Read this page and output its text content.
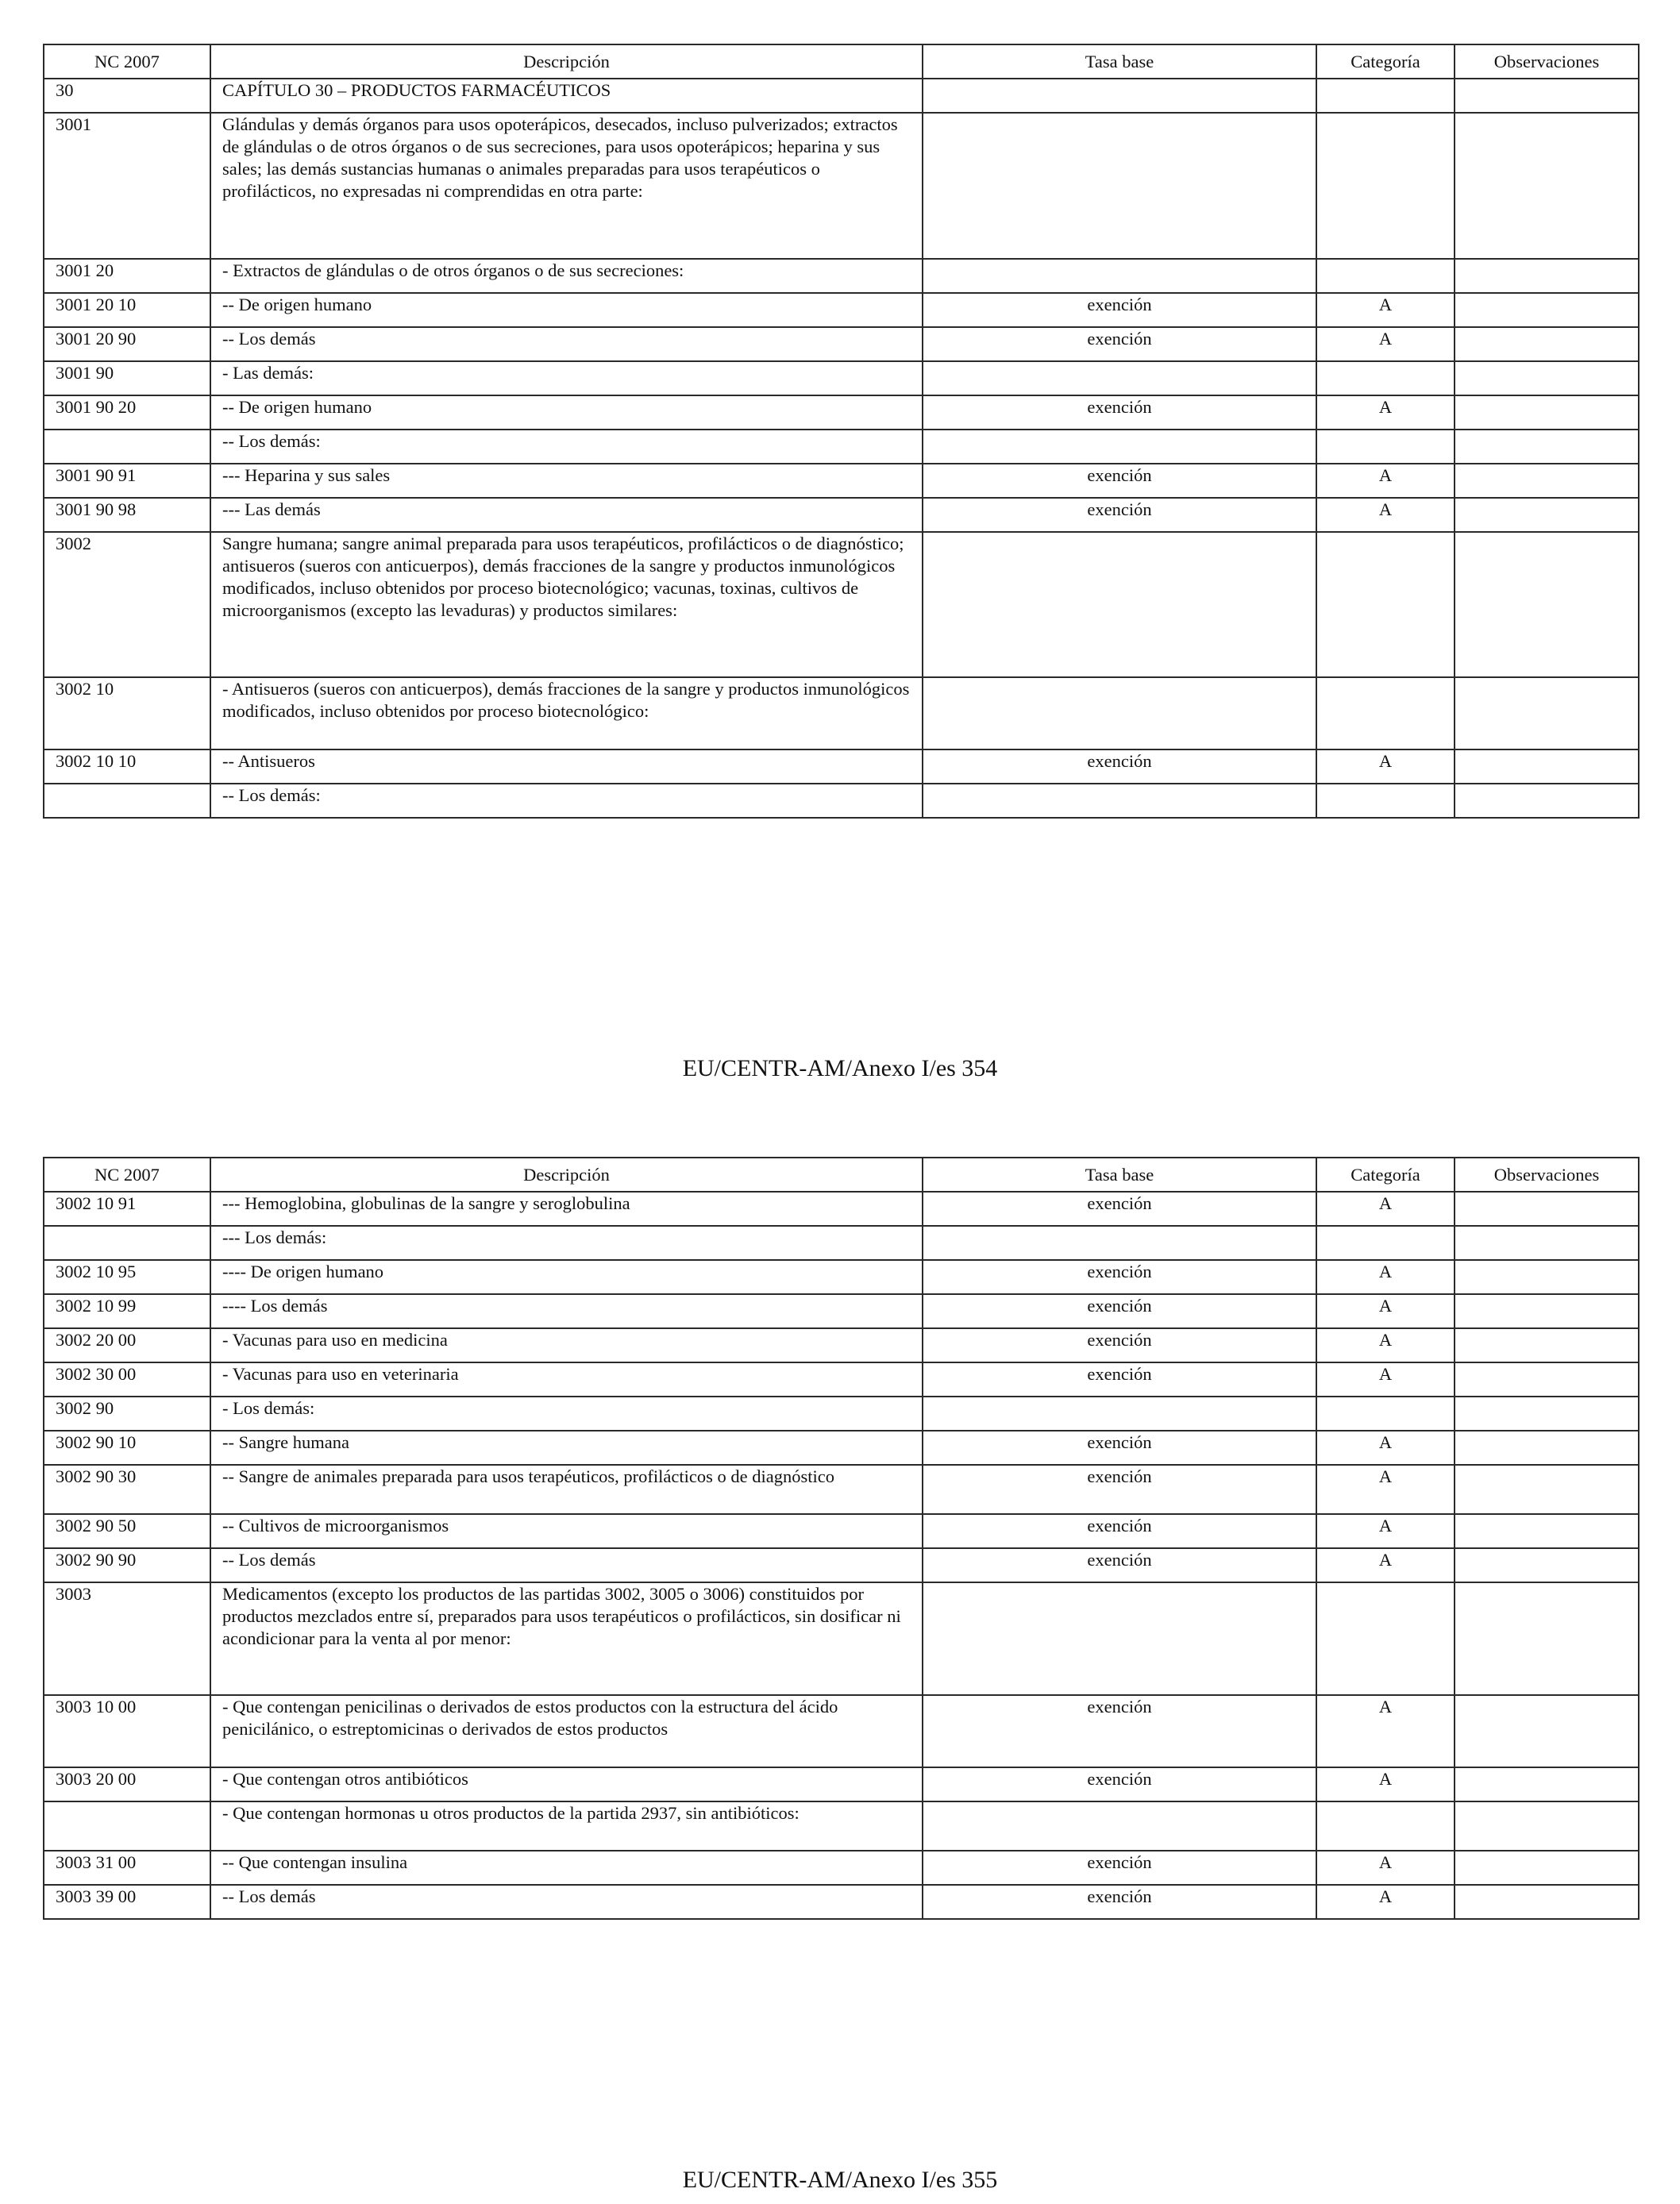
NC 2007	Descripción	Tasa base	Categoría	Observaciones
30	CAPÍTULO 30 – PRODUCTOS FARMACÉUTICOS			
3001	Glándulas y demás órganos para usos opoterápicos, desecados, incluso pulverizados; extractos de glándulas o de otros órganos o de sus secreciones, para usos opoterápicos; heparina y sus sales; las demás sustancias humanas o animales preparadas para usos terapéuticos o profilácticos, no expresadas ni comprendidas en otra parte:			
3001 20	- Extractos de glándulas o de otros órganos o de sus secreciones:			
3001 20 10	-- De origen humano	exención	A	
3001 20 90	-- Los demás	exención	A	
3001 90	- Las demás:			
3001 90 20	-- De origen humano	exención	A	
	-- Los demás:			
3001 90 91	--- Heparina y sus sales	exención	A	
3001 90 98	--- Las demás	exención	A	
3002	Sangre humana; sangre animal preparada para usos terapéuticos, profilácticos o de diagnóstico; antisueros (sueros con anticuerpos), demás fracciones de la sangre y productos inmunológicos modificados, incluso obtenidos por proceso biotecnológico; vacunas, toxinas, cultivos de microorganismos (excepto las levaduras) y productos similares:			
3002 10	- Antisueros (sueros con anticuerpos), demás fracciones de la sangre y productos inmunológicos modificados, incluso obtenidos por proceso biotecnológico:			
3002 10 10	-- Antisueros	exención	A	
	-- Los demás:			
EU/CENTR-AM/Anexo I/es 354
NC 2007	Descripción	Tasa base	Categoría	Observaciones
3002 10 91	--- Hemoglobina, globulinas de la sangre y seroglobulina	exención	A	
	--- Los demás:			
3002 10 95	---- De origen humano	exención	A	
3002 10 99	---- Los demás	exención	A	
3002 20 00	- Vacunas para uso en medicina	exención	A	
3002 30 00	- Vacunas para uso en veterinaria	exención	A	
3002 90	- Los demás:			
3002 90 10	-- Sangre humana	exención	A	
3002 90 30	-- Sangre de animales preparada para usos terapéuticos, profilácticos o de diagnóstico	exención	A	
3002 90 50	-- Cultivos de microorganismos	exención	A	
3002 90 90	-- Los demás	exención	A	
3003	Medicamentos (excepto los productos de las partidas 3002, 3005 o 3006) constituidos por productos mezclados entre sí, preparados para usos terapéuticos o profilácticos, sin dosificar ni acondicionar para la venta al por menor:			
3003 10 00	- Que contengan penicilinas o derivados de estos productos con la estructura del ácido penicilánico, o estreptomicinas o derivados de estos productos	exención	A	
3003 20 00	- Que contengan otros antibióticos	exención	A	
	- Que contengan hormonas u otros productos de la partida 2937, sin antibióticos:			
3003 31 00	-- Que contengan insulina	exención	A	
3003 39 00	-- Los demás	exención	A	
EU/CENTR-AM/Anexo I/es 355
